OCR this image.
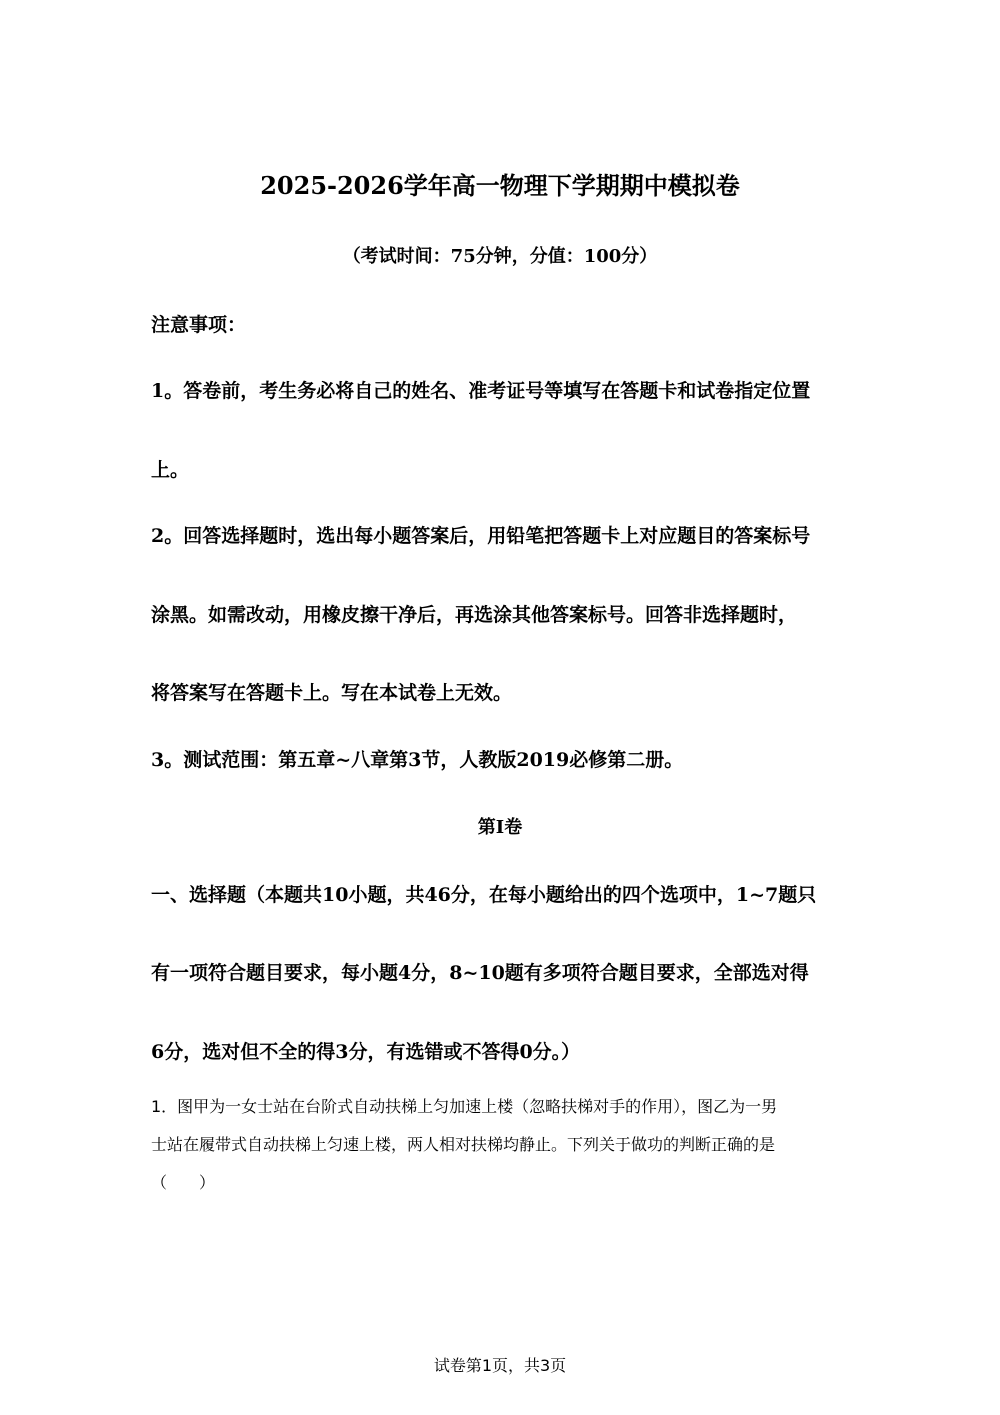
2025-2026学年高一物理下学期期中模拟卷

（考试时间：75分钟，分值：100分）

注意事项：

1。答卷前，考生务必将自己的姓名、准考证号等填写在答题卡和试卷指定位置

上。

2。回答选择题时，选出每小题答案后，用铅笔把答题卡上对应题目的答案标号

涂黑。如需改动，用橡皮擦干净后，再选涂其他答案标号。回答非选择题时，

将答案写在答题卡上。写在本试卷上无效。

3。测试范围：第五章~八章第3节，人教版2019必修第二册。

第Ⅰ卷

一、选择题（本题共10小题，共46分，在每小题给出的四个选项中，1~7题只

有一项符合题目要求，每小题4分，8~10题有多项符合题目要求，全部选对得

6分，选对但不全的得3分，有选错或不答得0分。）

1．图甲为一女士站在台阶式自动扶梯上匀加速上楼（忽略扶梯对手的作用），图乙为一男

士站在履带式自动扶梯上匀速上楼，两人相对扶梯均静止。下列关于做功的判断正确的是

（　　）

试卷第1页，共3页
